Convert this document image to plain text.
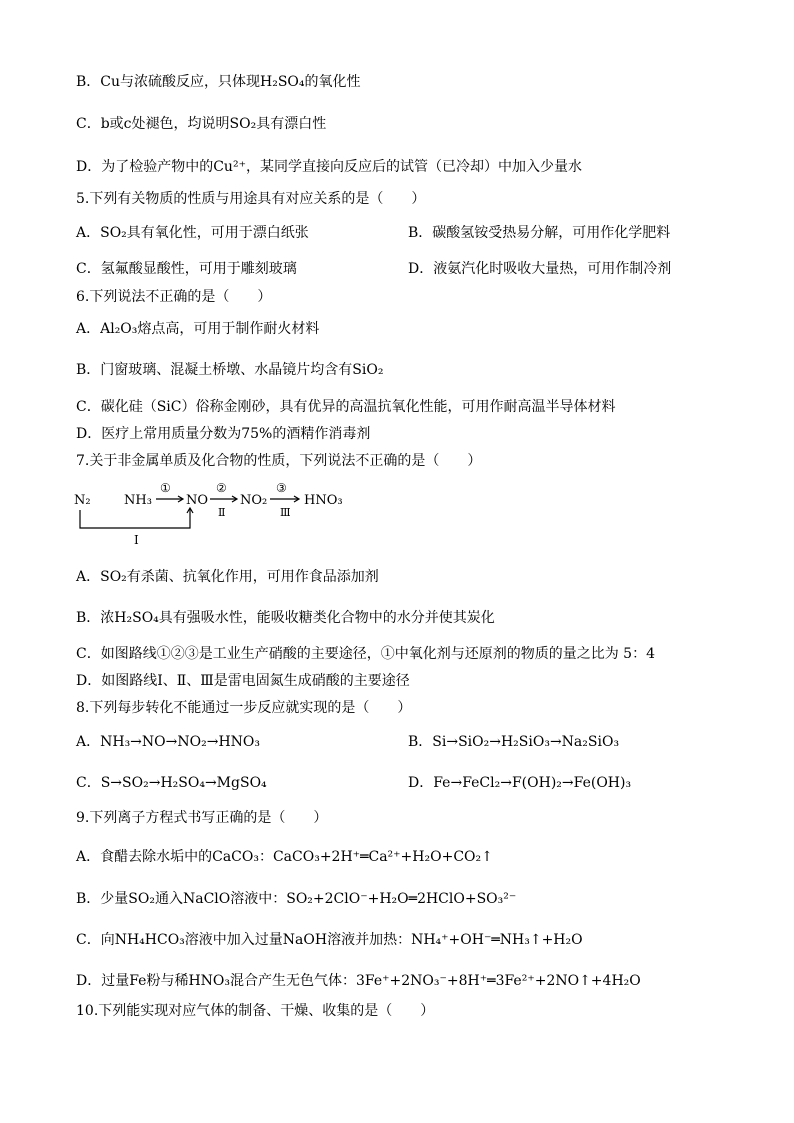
B．Cu与浓硫酸反应，只体现H₂SO₄的氧化性
C．b或c处褪色，均说明SO₂具有漂白性
D．为了检验产物中的Cu²⁺，某同学直接向反应后的试管（已冷却）中加入少量水
5.下列有关物质的性质与用途具有对应关系的是（　　）
A．SO₂具有氧化性，可用于漂白纸张	B．碳酸氢铵受热易分解，可用作化学肥料
C．氢氟酸显酸性，可用于雕刻玻璃	D．液氨汽化时吸收大量热，可用作制冷剂
6.下列说法不正确的是（　　）
A．Al₂O₃熔点高，可用于制作耐火材料
B．门窗玻璃、混凝土桥墩、水晶镜片均含有SiO₂
C．碳化硅（SiC）俗称金刚砂，具有优异的高温抗氧化性能，可用作耐高温半导体材料
D．医疗上常用质量分数为75%的酒精作消毒剂
7.关于非金属单质及化合物的性质，下列说法不正确的是（　　）
N₂	NH₃	NO NO₂	HNO₃
①	②	③
Ⅱ	Ⅲ
Ⅰ
A．SO₂有杀菌、抗氧化作用，可用作食品添加剂
B．浓H₂SO₄具有强吸水性，能吸收糖类化合物中的水分并使其炭化
C．如图路线①②③是工业生产硝酸的主要途径，①中氧化剂与还原剂的物质的量之比为 5：4
D．如图路线Ⅰ、Ⅱ、Ⅲ是雷电固氮生成硝酸的主要途径
8.下列每步转化不能通过一步反应就实现的是（　　）
A．NH₃→NO→NO₂→HNO₃	B．Si→SiO₂→H₂SiO₃→Na₂SiO₃
C．S→SO₂→H₂SO₄→MgSO₄	D．Fe→FeCl₂→F(OH)₂→Fe(OH)₃
9.下列离子方程式书写正确的是（　　）
A．食醋去除水垢中的CaCO₃：CaCO₃+2H⁺═Ca²⁺+H₂O+CO₂↑
B．少量SO₂通入NaClO溶液中：SO₂+2ClO⁻+H₂O═2HClO+SO₃²⁻
C．向NH₄HCO₃溶液中加入过量NaOH溶液并加热：NH₄⁺+OH⁻═NH₃↑+H₂O
D．过量Fe粉与稀HNO₃混合产生无色气体：3Fe⁺+2NO₃⁻+8H⁺═3Fe²⁺+2NO↑+4H₂O
10.下列能实现对应气体的制备、干燥、收集的是（　　）
